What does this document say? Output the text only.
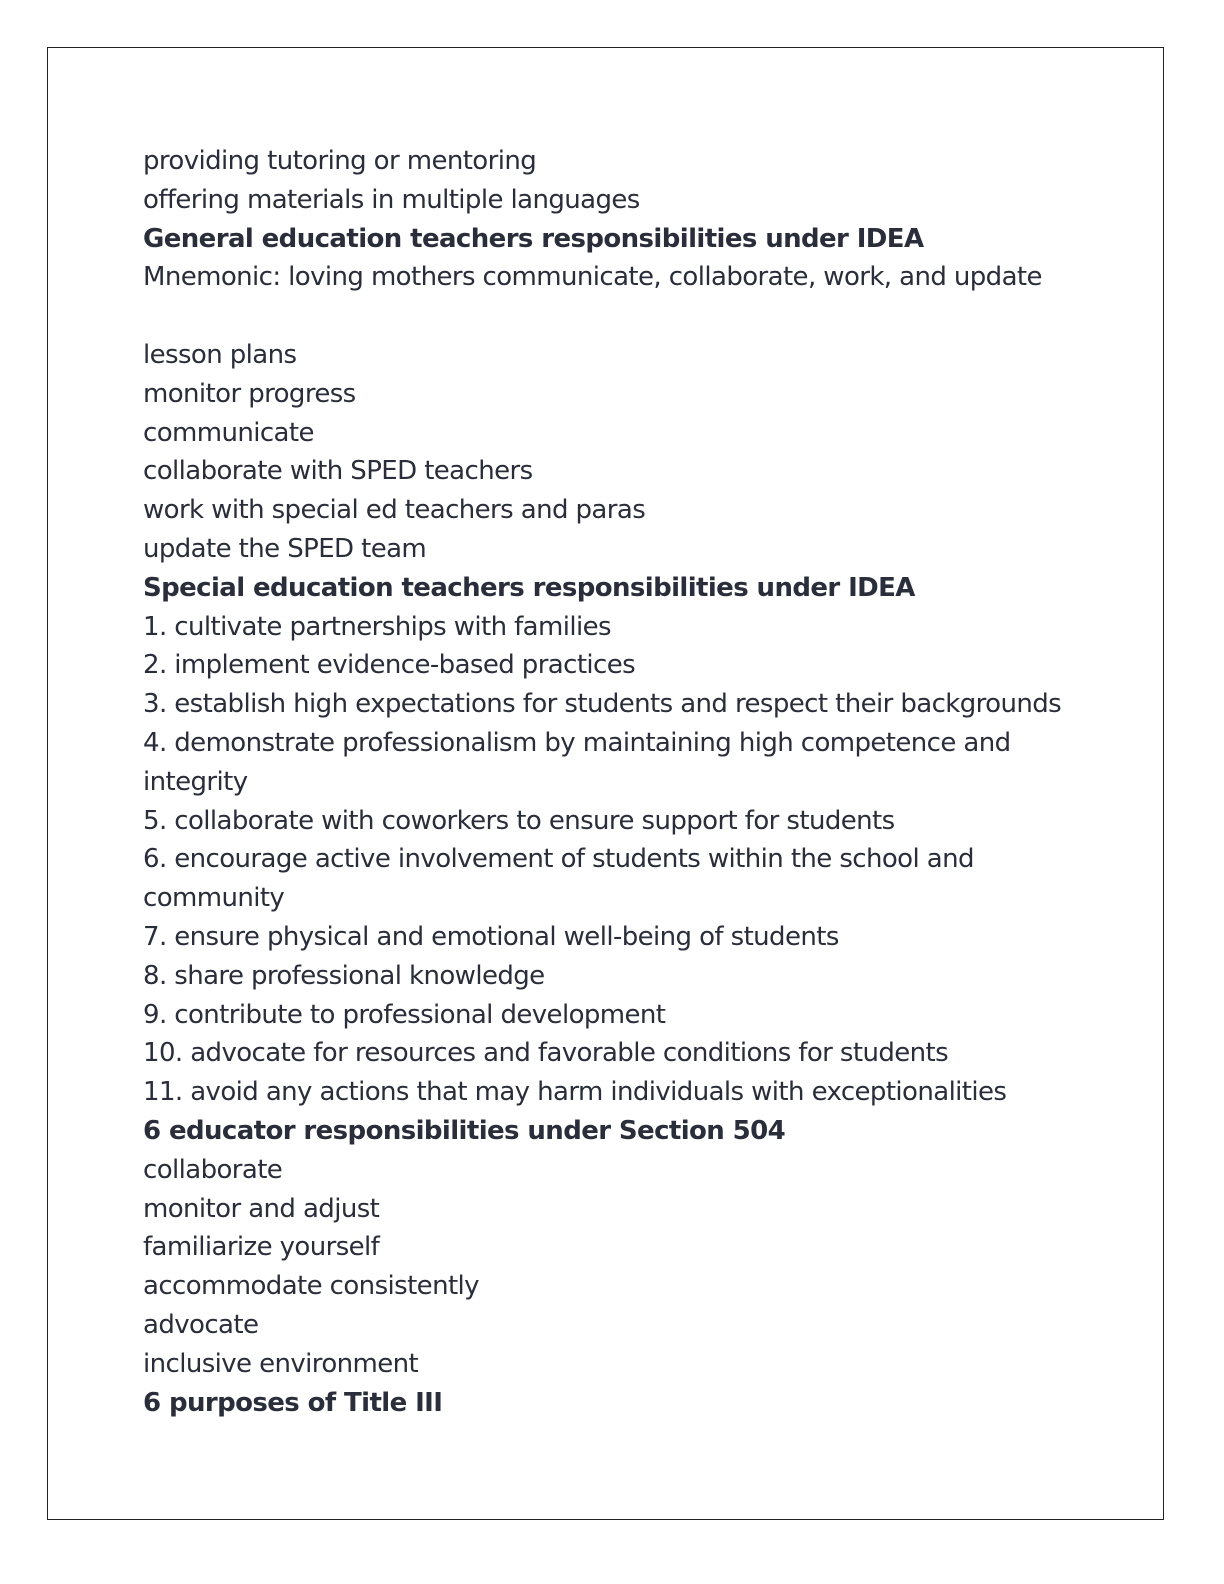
providing tutoring or mentoring
offering materials in multiple languages
General education teachers responsibilities under IDEA
Mnemonic: loving mothers communicate, collaborate, work, and update
lesson plans
monitor progress
communicate
collaborate with SPED teachers
work with special ed teachers and paras
update the SPED team
Special education teachers responsibilities under IDEA
1. cultivate partnerships with families
2. implement evidence-based practices
3. establish high expectations for students and respect their backgrounds
4. demonstrate professionalism by maintaining high competence and
integrity
5. collaborate with coworkers to ensure support for students
6. encourage active involvement of students within the school and
community
7. ensure physical and emotional well-being of students
8. share professional knowledge
9. contribute to professional development
10. advocate for resources and favorable conditions for students
11. avoid any actions that may harm individuals with exceptionalities
6 educator responsibilities under Section 504
collaborate
monitor and adjust
familiarize yourself
accommodate consistently
advocate
inclusive environment
6 purposes of Title III
